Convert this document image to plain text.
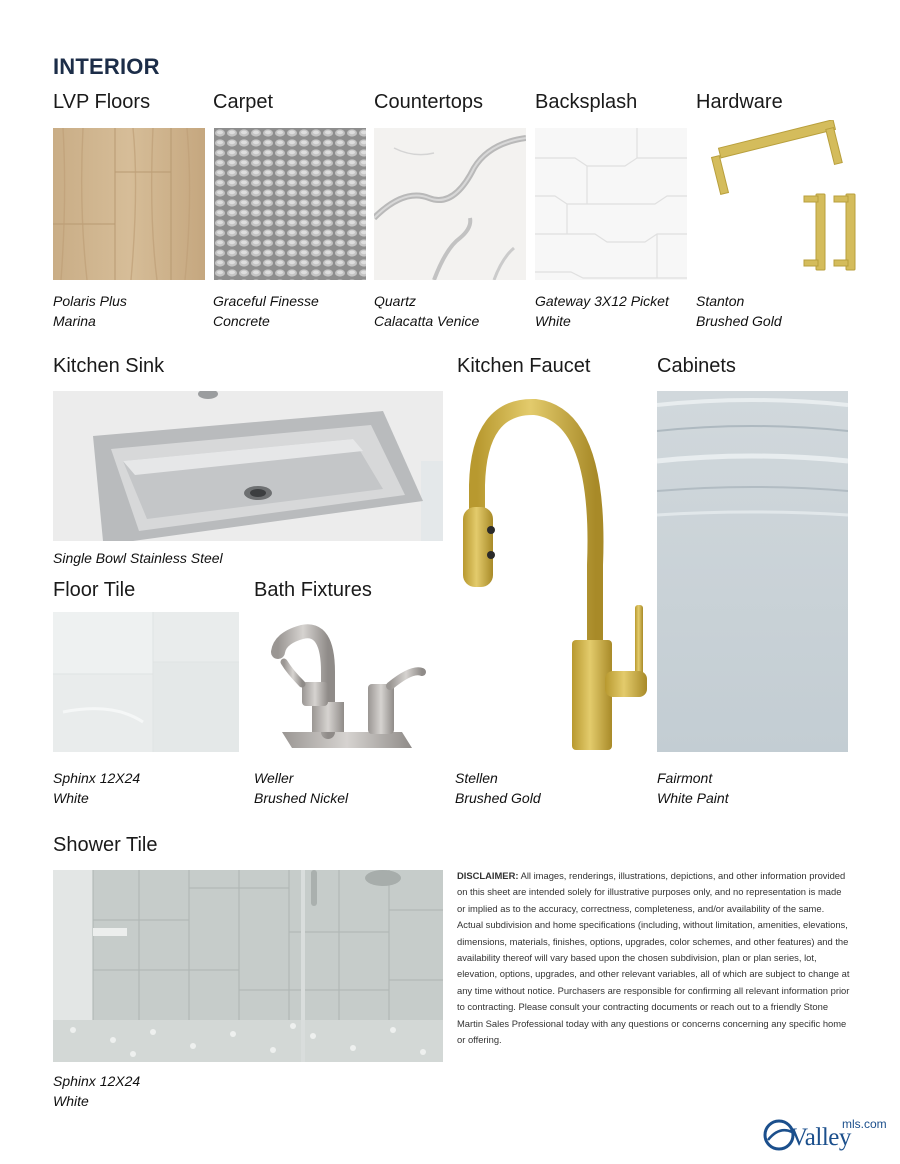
INTERIOR
LVP Floors	Carpet	Countertops	Backsplash	Hardware
Polaris Plus
Marina
Graceful Finesse
Concrete
Quartz
Calacatta Venice
Gateway 3X12 Picket
White
Stanton
Brushed Gold
Kitchen Sink	Kitchen Faucet	Cabinets
Single Bowl Stainless Steel
Floor Tile	Bath Fixtures
Sphinx 12X24
White
Weller
Brushed Nickel
Stellen
Brushed Gold
Fairmont
White Paint
Shower Tile
Sphinx 12X24
White
DISCLAIMER: All images, renderings, illustrations, depictions, and other information provided on this sheet are intended solely for illustrative purposes only, and no representation is made or implied as to the accuracy, correctness, completeness, and/or availability of the same. Actual subdivision and home specifications (including, without limitation, amenities, elevations, dimensions, materials, finishes, options, upgrades, color schemes, and other features) and the availability thereof will vary based upon the chosen subdivision, plan or plan series, lot, elevation, options, upgrades, and other relevant variables, all of which are subject to change at any time without notice. Purchasers are responsible for confirming all relevant information prior to contracting. Please consult your contracting documents or reach out to a friendly Stone Martin Sales Professional today with any questions or concerns concerning any specific home or offering.
Valley
mls.com
